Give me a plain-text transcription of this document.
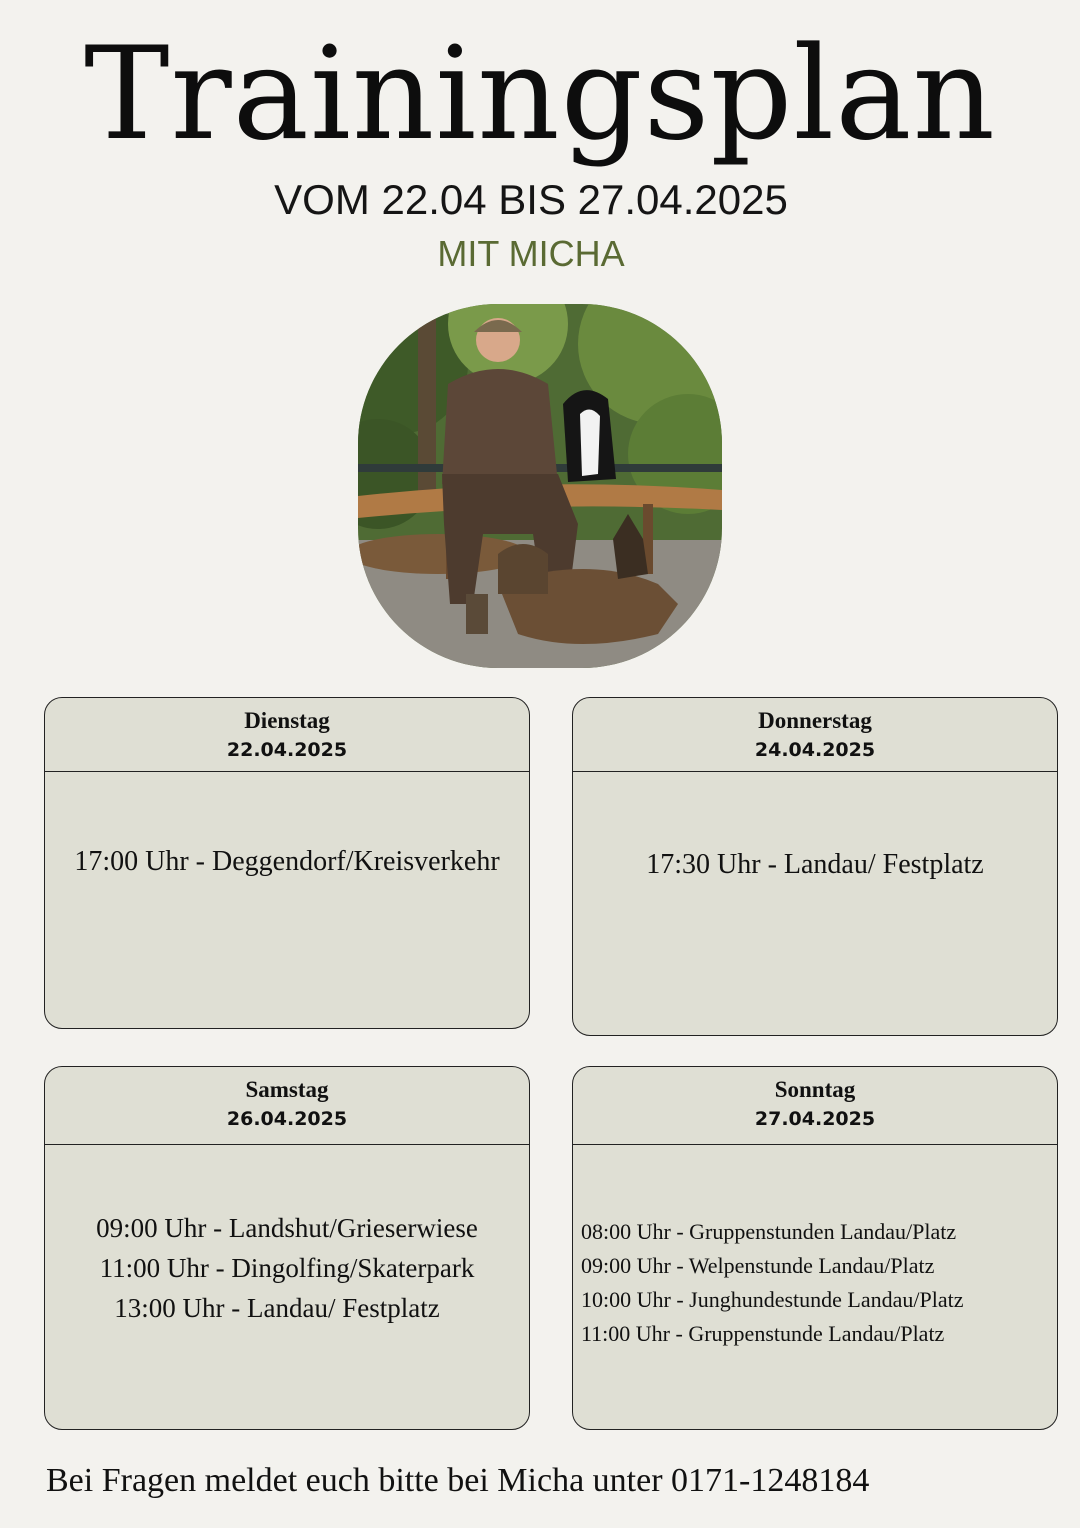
Trainingsplan
VOM 22.04 BIS 27.04.2025
MIT MICHA
Dienstag
22.04.2025
17:00 Uhr - Deggendorf/Kreisverkehr
Donnerstag
24.04.2025
17:30 Uhr - Landau/ Festplatz
Samstag
26.04.2025
09:00 Uhr - Landshut/Grieserwiese
11:00 Uhr - Dingolfing/Skaterpark
13:00 Uhr - Landau/ Festplatz
Sonntag
27.04.2025
08:00 Uhr - Gruppenstunden Landau/Platz
09:00 Uhr - Welpenstunde Landau/Platz
10:00 Uhr - Junghundestunde Landau/Platz
11:00 Uhr - Gruppenstunde Landau/Platz
Bei Fragen meldet euch bitte bei Micha unter 0171-1248184
